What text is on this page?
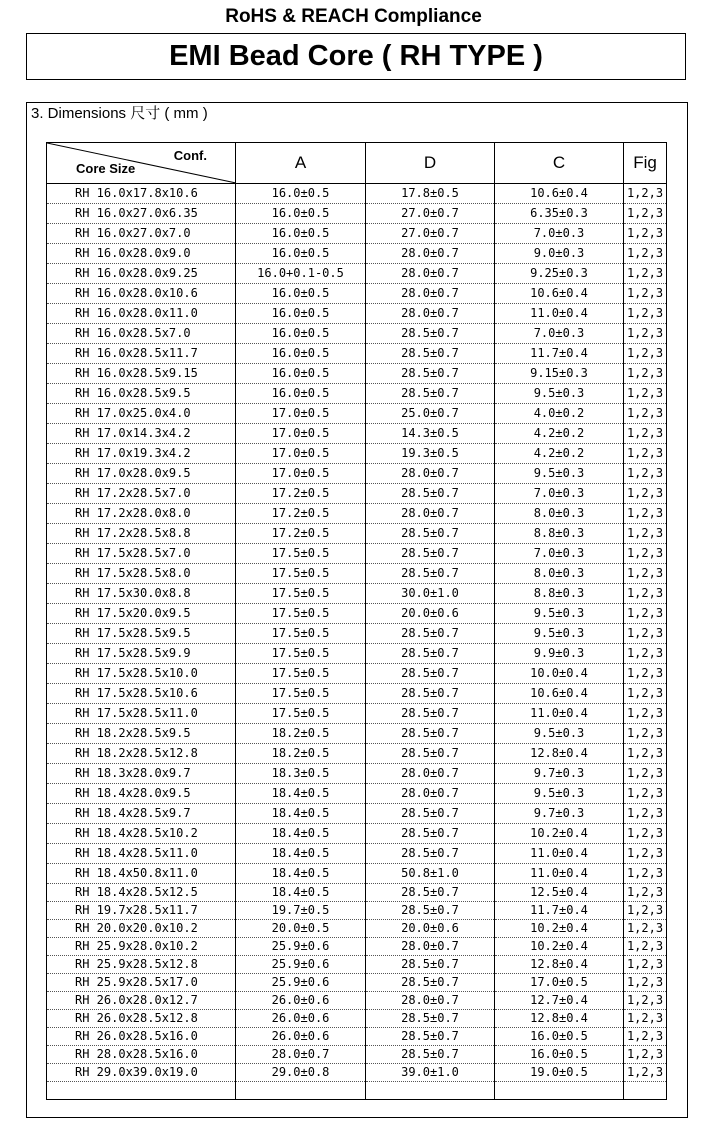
RoHS & REACH Compliance
EMI Bead Core ( RH TYPE )
3. Dimensions 尺寸 ( mm )
Conf.
Core Size	A	D	C	Fig
RH 16.0x17.8x10.6	16.0±0.5	17.8±0.5	10.6±0.4	1,2,3
RH 16.0x27.0x6.35	16.0±0.5	27.0±0.7	6.35±0.3	1,2,3
RH 16.0x27.0x7.0	16.0±0.5	27.0±0.7	7.0±0.3	1,2,3
RH 16.0x28.0x9.0	16.0±0.5	28.0±0.7	9.0±0.3	1,2,3
RH 16.0x28.0x9.25	16.0+0.1-0.5	28.0±0.7	9.25±0.3	1,2,3
RH 16.0x28.0x10.6	16.0±0.5	28.0±0.7	10.6±0.4	1,2,3
RH 16.0x28.0x11.0	16.0±0.5	28.0±0.7	11.0±0.4	1,2,3
RH 16.0x28.5x7.0	16.0±0.5	28.5±0.7	7.0±0.3	1,2,3
RH 16.0x28.5x11.7	16.0±0.5	28.5±0.7	11.7±0.4	1,2,3
RH 16.0x28.5x9.15	16.0±0.5	28.5±0.7	9.15±0.3	1,2,3
RH 16.0x28.5x9.5	16.0±0.5	28.5±0.7	9.5±0.3	1,2,3
RH 17.0x25.0x4.0	17.0±0.5	25.0±0.7	4.0±0.2	1,2,3
RH 17.0x14.3x4.2	17.0±0.5	14.3±0.5	4.2±0.2	1,2,3
RH 17.0x19.3x4.2	17.0±0.5	19.3±0.5	4.2±0.2	1,2,3
RH 17.0x28.0x9.5	17.0±0.5	28.0±0.7	9.5±0.3	1,2,3
RH 17.2x28.5x7.0	17.2±0.5	28.5±0.7	7.0±0.3	1,2,3
RH 17.2x28.0x8.0	17.2±0.5	28.0±0.7	8.0±0.3	1,2,3
RH 17.2x28.5x8.8	17.2±0.5	28.5±0.7	8.8±0.3	1,2,3
RH 17.5x28.5x7.0	17.5±0.5	28.5±0.7	7.0±0.3	1,2,3
RH 17.5x28.5x8.0	17.5±0.5	28.5±0.7	8.0±0.3	1,2,3
RH 17.5x30.0x8.8	17.5±0.5	30.0±1.0	8.8±0.3	1,2,3
RH 17.5x20.0x9.5	17.5±0.5	20.0±0.6	9.5±0.3	1,2,3
RH 17.5x28.5x9.5	17.5±0.5	28.5±0.7	9.5±0.3	1,2,3
RH 17.5x28.5x9.9	17.5±0.5	28.5±0.7	9.9±0.3	1,2,3
RH 17.5x28.5x10.0	17.5±0.5	28.5±0.7	10.0±0.4	1,2,3
RH 17.5x28.5x10.6	17.5±0.5	28.5±0.7	10.6±0.4	1,2,3
RH 17.5x28.5x11.0	17.5±0.5	28.5±0.7	11.0±0.4	1,2,3
RH 18.2x28.5x9.5	18.2±0.5	28.5±0.7	9.5±0.3	1,2,3
RH 18.2x28.5x12.8	18.2±0.5	28.5±0.7	12.8±0.4	1,2,3
RH 18.3x28.0x9.7	18.3±0.5	28.0±0.7	9.7±0.3	1,2,3
RH 18.4x28.0x9.5	18.4±0.5	28.0±0.7	9.5±0.3	1,2,3
RH 18.4x28.5x9.7	18.4±0.5	28.5±0.7	9.7±0.3	1,2,3
RH 18.4x28.5x10.2	18.4±0.5	28.5±0.7	10.2±0.4	1,2,3
RH 18.4x28.5x11.0	18.4±0.5	28.5±0.7	11.0±0.4	1,2,3
RH 18.4x50.8x11.0	18.4±0.5	50.8±1.0	11.0±0.4	1,2,3
RH 18.4x28.5x12.5	18.4±0.5	28.5±0.7	12.5±0.4	1,2,3
RH 19.7x28.5x11.7	19.7±0.5	28.5±0.7	11.7±0.4	1,2,3
RH 20.0x20.0x10.2	20.0±0.5	20.0±0.6	10.2±0.4	1,2,3
RH 25.9x28.0x10.2	25.9±0.6	28.0±0.7	10.2±0.4	1,2,3
RH 25.9x28.5x12.8	25.9±0.6	28.5±0.7	12.8±0.4	1,2,3
RH 25.9x28.5x17.0	25.9±0.6	28.5±0.7	17.0±0.5	1,2,3
RH 26.0x28.0x12.7	26.0±0.6	28.0±0.7	12.7±0.4	1,2,3
RH 26.0x28.5x12.8	26.0±0.6	28.5±0.7	12.8±0.4	1,2,3
RH 26.0x28.5x16.0	26.0±0.6	28.5±0.7	16.0±0.5	1,2,3
RH 28.0x28.5x16.0	28.0±0.7	28.5±0.7	16.0±0.5	1,2,3
RH 29.0x39.0x19.0	29.0±0.8	39.0±1.0	19.0±0.5	1,2,3
